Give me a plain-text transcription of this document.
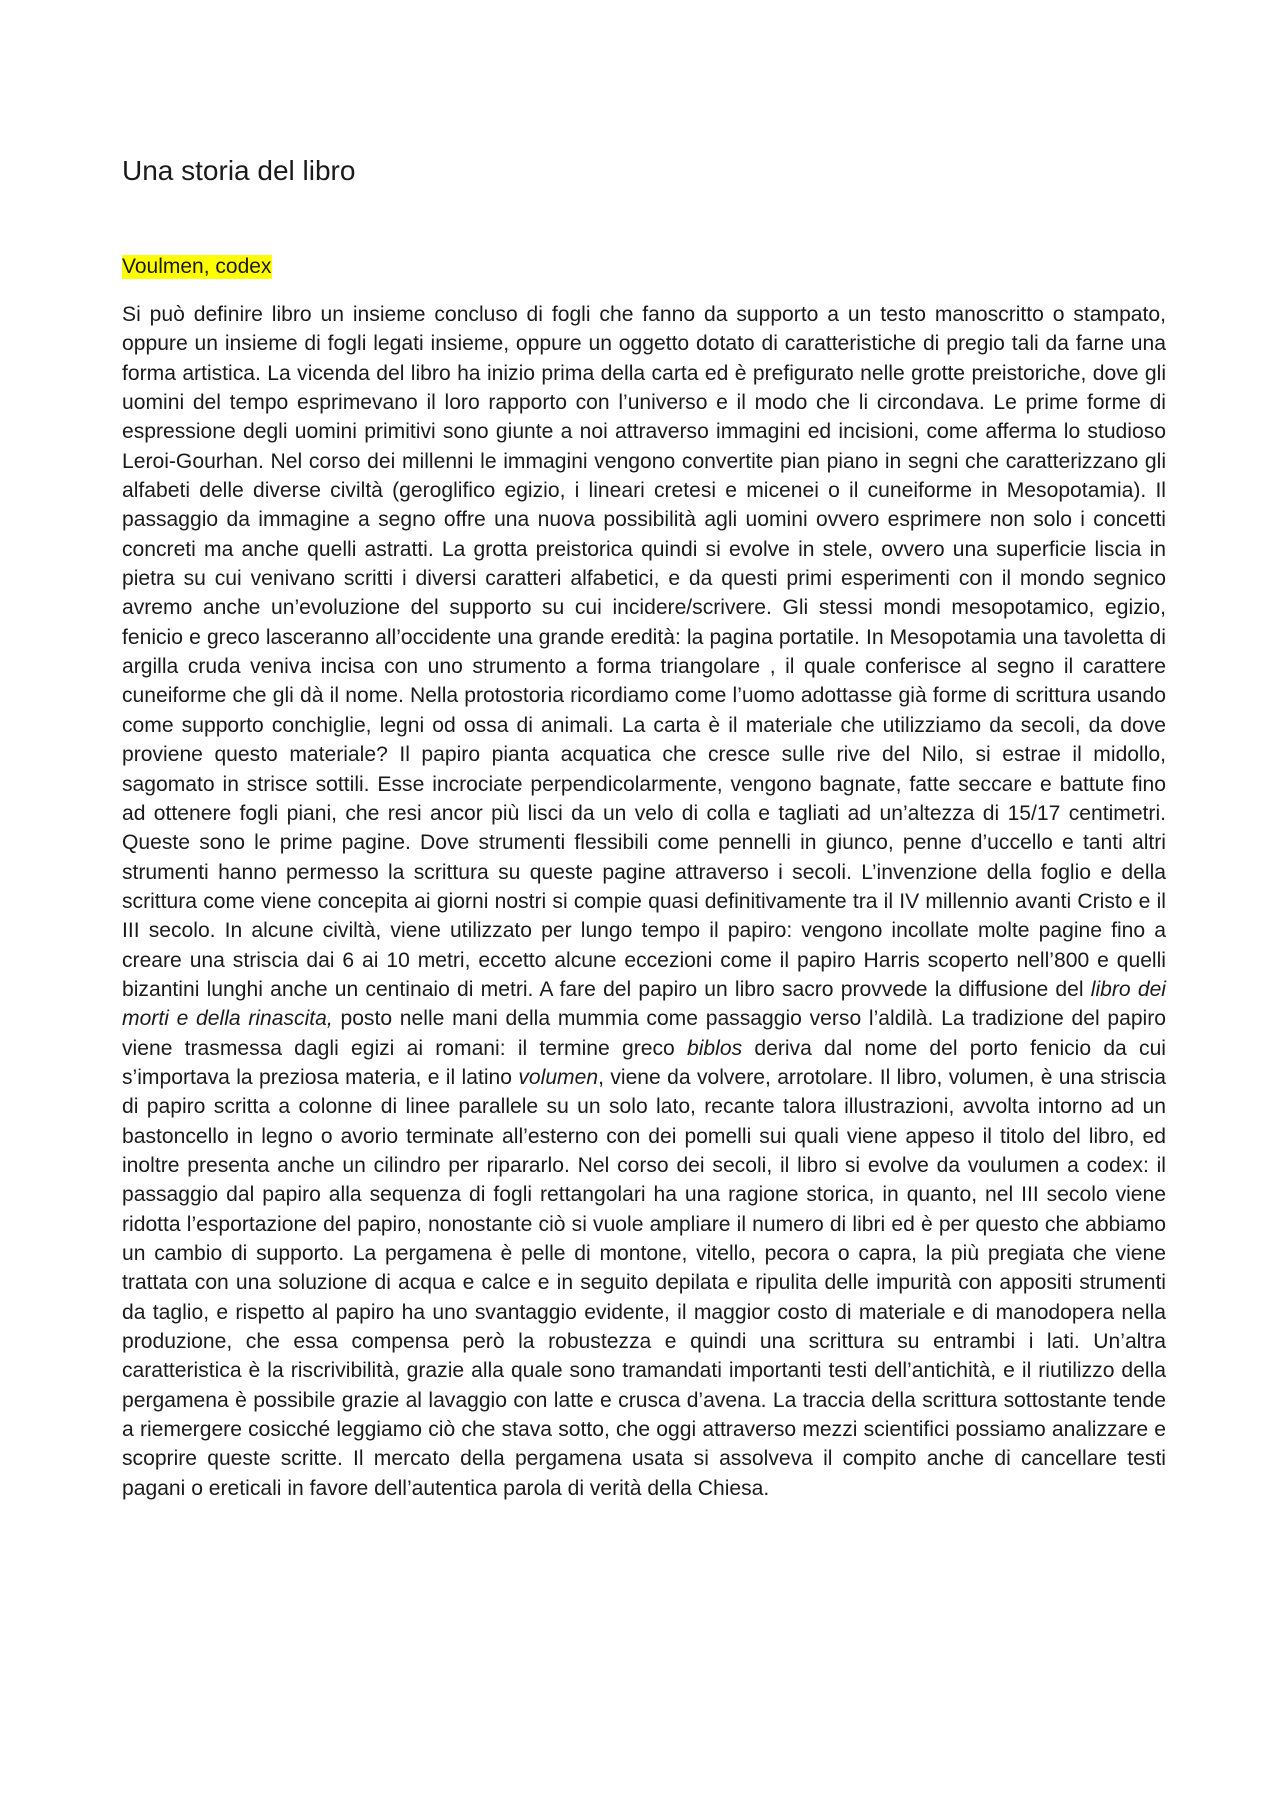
Una storia del libro
Voulmen, codex

Si può definire libro un insieme concluso di fogli che fanno da supporto a un testo manoscritto o stampato, oppure un insieme di fogli legati insieme, oppure un oggetto dotato di caratteristiche di pregio tali da farne una forma artistica. La vicenda del libro ha inizio prima della carta ed è prefigurato nelle grotte preistoriche, dove gli uomini del tempo esprimevano il loro rapporto con l’universo e il modo che li circondava. Le prime forme di espressione degli uomini primitivi sono giunte a noi attraverso immagini ed incisioni, come afferma lo studioso Leroi-Gourhan. Nel corso dei millenni le immagini vengono convertite pian piano in segni che caratterizzano gli alfabeti delle diverse civiltà (geroglifico egizio, i lineari cretesi e micenei o il cuneiforme in Mesopotamia). Il passaggio da immagine a segno offre una nuova possibilità agli uomini ovvero esprimere non solo i concetti concreti ma anche quelli astratti. La grotta preistorica quindi si evolve in stele, ovvero una superficie liscia in pietra su cui venivano scritti i diversi caratteri alfabetici, e da questi primi esperimenti con il mondo segnico avremo anche un’evoluzione del supporto su cui incidere/scrivere. Gli stessi mondi mesopotamico, egizio, fenicio e greco lasceranno all’occidente una grande eredità: la pagina portatile. In Mesopotamia una tavoletta di argilla cruda veniva incisa con uno strumento a forma triangolare , il quale conferisce al segno il carattere cuneiforme che gli dà il nome. Nella protostoria ricordiamo come l’uomo adottasse già forme di scrittura usando come supporto conchiglie, legni od ossa di animali. La carta è il materiale che utilizziamo da secoli, da dove proviene questo materiale? Il papiro pianta acquatica che cresce sulle rive del Nilo, si estrae il midollo, sagomato in strisce sottili. Esse incrociate perpendicolarmente, vengono bagnate, fatte seccare e battute fino ad ottenere fogli piani, che resi ancor più lisci da un velo di colla e tagliati ad un’altezza di 15/17 centimetri. Queste sono le prime pagine. Dove strumenti flessibili come pennelli in giunco, penne d’uccello e tanti altri strumenti hanno permesso la scrittura su queste pagine attraverso i secoli. L’invenzione della foglio e della scrittura come viene concepita ai giorni nostri si compie quasi definitivamente tra il IV millennio avanti Cristo e il III secolo. In alcune civiltà, viene utilizzato per lungo tempo il papiro: vengono incollate molte pagine fino a creare una striscia dai 6 ai 10 metri, eccetto alcune eccezioni come il papiro Harris scoperto nell’800 e quelli bizantini lunghi anche un centinaio di metri. A fare del papiro un libro sacro provvede la diffusione del libro dei morti e della rinascita, posto nelle mani della mummia come passaggio verso l’aldilà. La tradizione del papiro viene trasmessa dagli egizi ai romani: il termine greco biblos deriva dal nome del porto fenicio da cui s’importava la preziosa materia, e il latino volumen, viene da volvere, arrotolare. Il libro, volumen, è una striscia di papiro scritta a colonne di linee parallele su un solo lato, recante talora illustrazioni, avvolta intorno ad un bastoncello in legno o avorio terminate all’esterno con dei pomelli sui quali viene appeso il titolo del libro, ed inoltre presenta anche un cilindro per ripararlo. Nel corso dei secoli, il libro si evolve da voulumen a codex: il passaggio dal papiro alla sequenza di fogli rettangolari ha una ragione storica, in quanto, nel III secolo viene ridotta l’esportazione del papiro, nonostante ciò si vuole ampliare il numero di libri ed è per questo che abbiamo un cambio di supporto. La pergamena è pelle di montone, vitello, pecora o capra, la più pregiata che viene trattata con una soluzione di acqua e calce e in seguito depilata e ripulita delle impurità con appositi strumenti da taglio, e rispetto al papiro ha uno svantaggio evidente, il maggior costo di materiale e di manodopera nella produzione, che essa compensa però la robustezza e quindi una scrittura su entrambi i lati. Un’altra caratteristica è la riscrivibilità, grazie alla quale sono tramandati importanti testi dell’antichità, e il riutilizzo della pergamena è possibile grazie al lavaggio con latte e crusca d’avena. La traccia della scrittura sottostante tende a riemergere cosicché leggiamo ciò che stava sotto, che oggi attraverso mezzi scientifici possiamo analizzare e scoprire queste scritte. Il mercato della pergamena usata si assolveva il compito anche di cancellare testi pagani o ereticali in favore dell’autentica parola di verità della Chiesa.
